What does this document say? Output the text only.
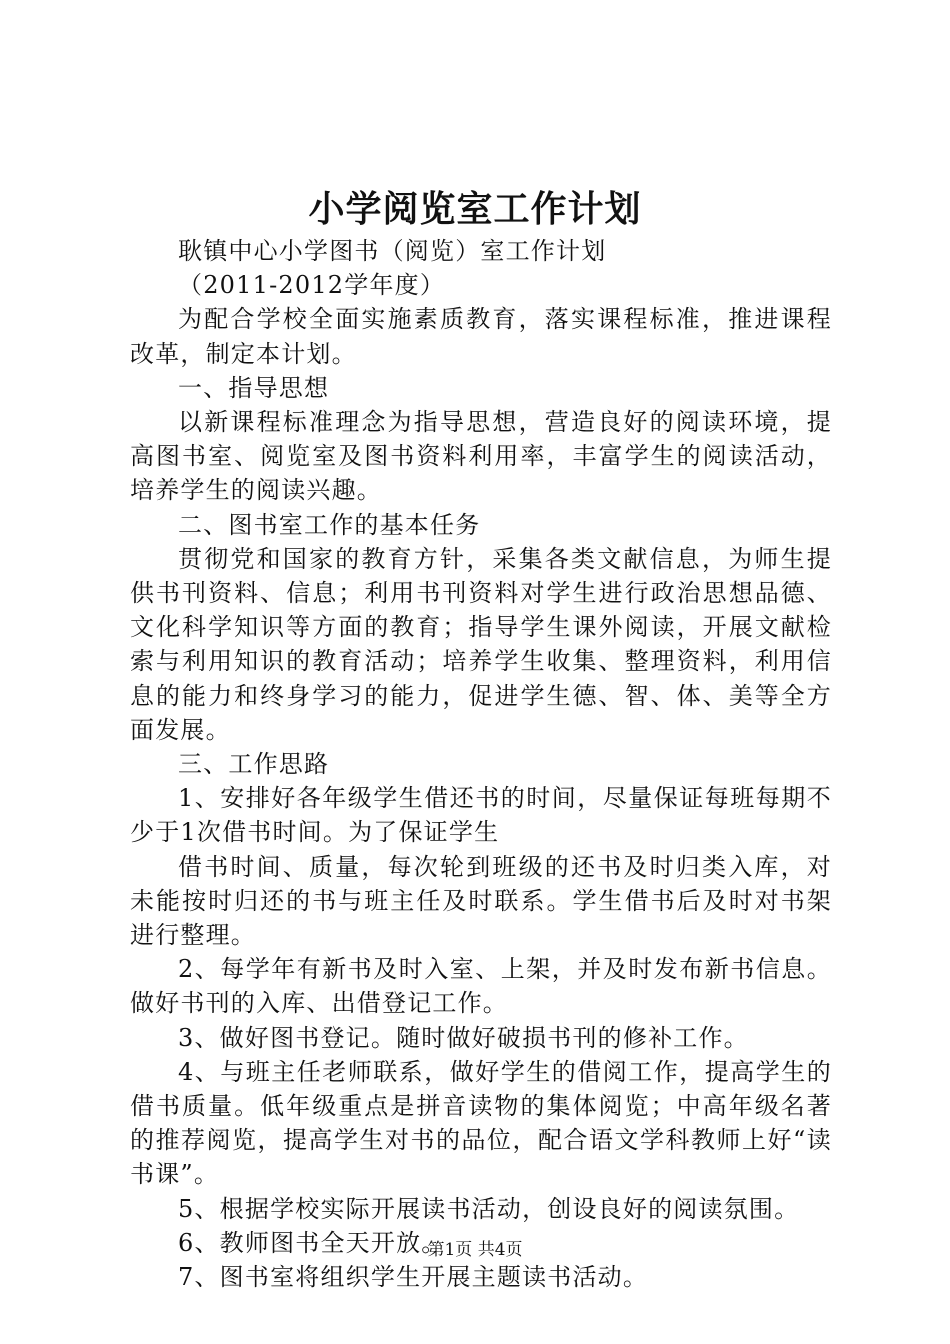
小学阅览室工作计划

耿镇中心小学图书（阅览）室工作计划

（2011-2012学年度）

为配合学校全面实施素质教育，落实课程标准，推进课程改革，制定本计划。

一、指导思想

以新课程标准理念为指导思想，营造良好的阅读环境，提高图书室、阅览室及图书资料利用率，丰富学生的阅读活动，培养学生的阅读兴趣。

二、图书室工作的基本任务

贯彻党和国家的教育方针，采集各类文献信息，为师生提供书刊资料、信息；利用书刊资料对学生进行政治思想品德、文化科学知识等方面的教育；指导学生课外阅读，开展文献检索与利用知识的教育活动；培养学生收集、整理资料，利用信息的能力和终身学习的能力，促进学生德、智、体、美等全方面发展。

三、工作思路

1、安排好各年级学生借还书的时间，尽量保证每班每期不少于1次借书时间。为了保证学生

借书时间、质量，每次轮到班级的还书及时归类入库，对未能按时归还的书与班主任及时联系。学生借书后及时对书架进行整理。

2、每学年有新书及时入室、上架，并及时发布新书信息。做好书刊的入库、出借登记工作。

3、做好图书登记。随时做好破损书刊的修补工作。

4、与班主任老师联系，做好学生的借阅工作，提高学生的借书质量。低年级重点是拼音读物的集体阅览；中高年级名著的推荐阅览，提高学生对书的品位，配合语文学科教师上好“读书课”。

5、根据学校实际开展读书活动，创设良好的阅读氛围。

6、教师图书全天开放。

7、图书室将组织学生开展主题读书活动。

第1页 共4页
